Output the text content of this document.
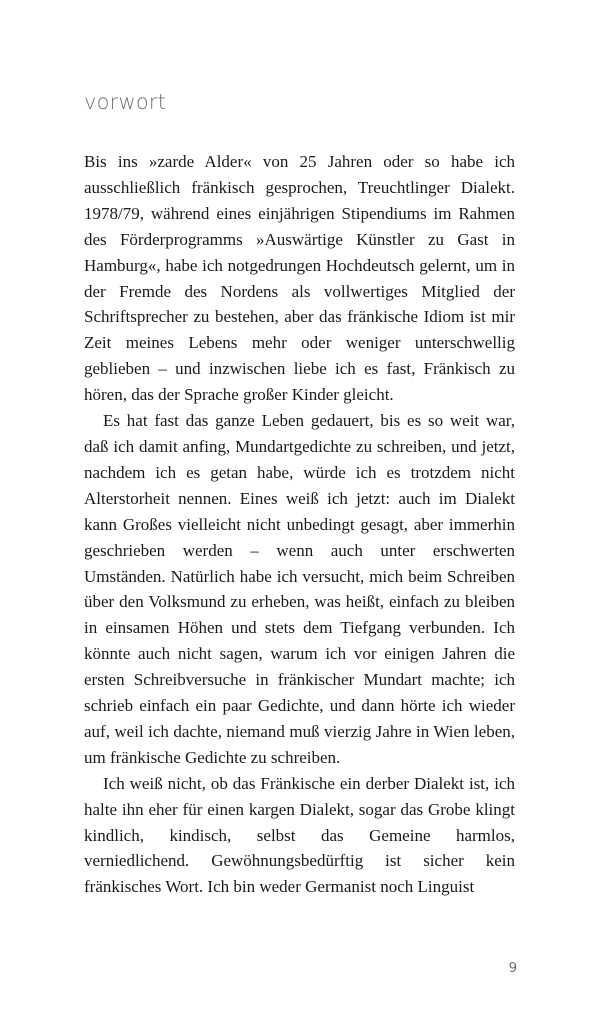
vorwort

Bis ins »zarde Alder« von 25 Jahren oder so habe ich ausschließlich fränkisch gesprochen, Treuchtlinger Dialekt. 1978/79, während eines einjährigen Stipendiums im Rahmen des Förderprogramms »Auswärtige Künstler zu Gast in Hamburg«, habe ich notgedrungen Hochdeutsch gelernt, um in der Fremde des Nordens als vollwertiges Mitglied der Schriftsprecher zu bestehen, aber das fränkische Idiom ist mir Zeit meines Lebens mehr oder weniger unterschwellig geblieben – und inzwischen liebe ich es fast, Fränkisch zu hören, das der Sprache großer Kinder gleicht.

Es hat fast das ganze Leben gedauert, bis es so weit war, daß ich damit anfing, Mundartgedichte zu schreiben, und jetzt, nachdem ich es getan habe, würde ich es trotzdem nicht Alterstorheit nennen. Eines weiß ich jetzt: auch im Dialekt kann Großes vielleicht nicht unbedingt gesagt, aber immerhin geschrieben werden – wenn auch unter erschwerten Umständen. Natürlich habe ich versucht, mich beim Schreiben über den Volksmund zu erheben, was heißt, einfach zu bleiben in einsamen Höhen und stets dem Tiefgang verbunden. Ich könnte auch nicht sagen, warum ich vor einigen Jahren die ersten Schreibversuche in fränkischer Mundart machte; ich schrieb einfach ein paar Gedichte, und dann hörte ich wieder auf, weil ich dachte, niemand muß vierzig Jahre in Wien leben, um fränkische Gedichte zu schreiben.

Ich weiß nicht, ob das Fränkische ein derber Dialekt ist, ich halte ihn eher für einen kargen Dialekt, sogar das Grobe klingt kindlich, kindisch, selbst das Gemeine harmlos, verniedlichend. Gewöhnungsbedürftig ist sicher kein fränkisches Wort. Ich bin weder Germanist noch Linguist

9
